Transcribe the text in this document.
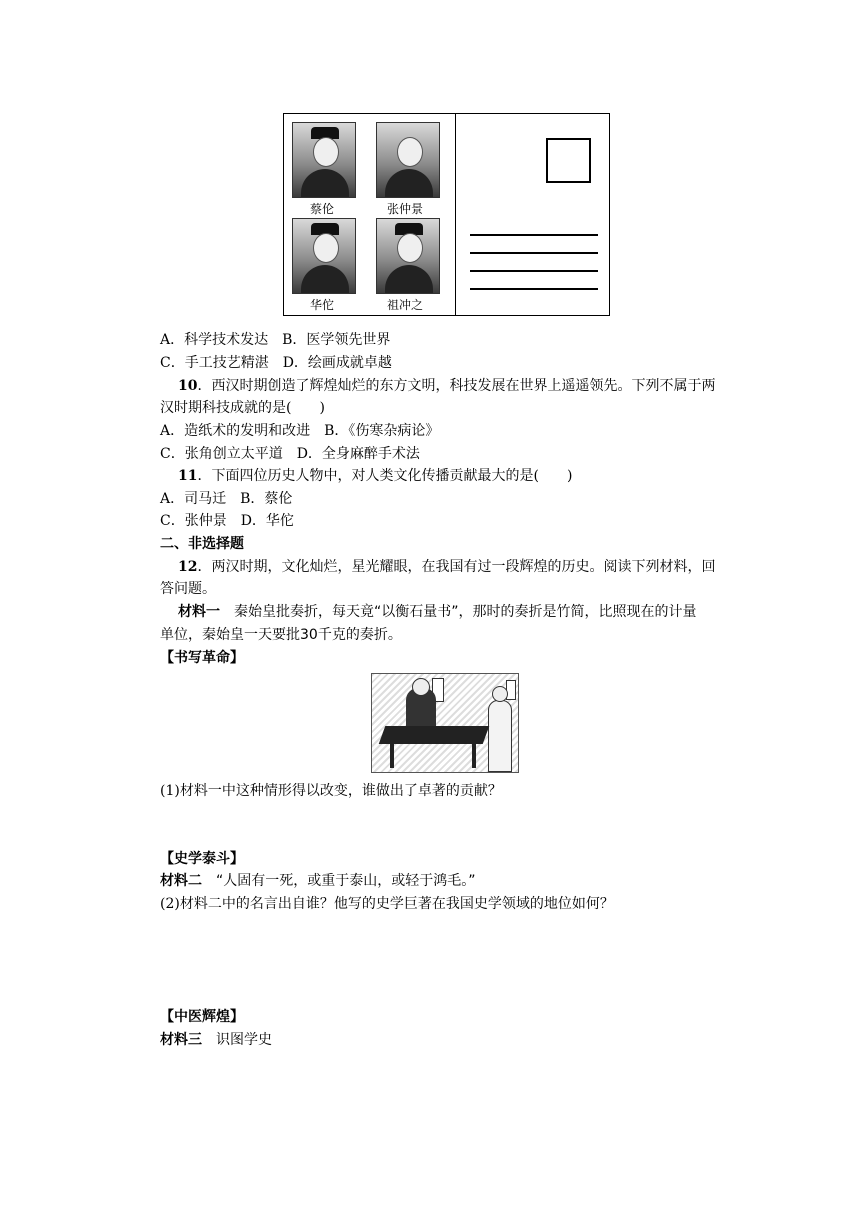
蔡伦	张仲景
华佗	祖冲之
A．科学技术发达　B．医学领先世界
C．手工技艺精湛　D．绘画成就卓越
10．西汉时期创造了辉煌灿烂的东方文明，科技发展在世界上遥遥领先。下列不属于两
汉时期科技成就的是(　　)
A．造纸术的发明和改进　B．《伤寒杂病论》
C．张角创立太平道　D．全身麻醉手术法
11．下面四位历史人物中，对人类文化传播贡献最大的是(　　)
A．司马迁　B．蔡伦
C．张仲景　D．华佗
二、非选择题
12．两汉时期，文化灿烂，星光耀眼，在我国有过一段辉煌的历史。阅读下列材料，回
答问题。
材料一　秦始皇批奏折，每天竟“以衡石量书”，那时的奏折是竹简，比照现在的计量
单位，秦始皇一天要批30千克的奏折。
【书写革命】
(1)材料一中这种情形得以改变，谁做出了卓著的贡献？
【史学泰斗】
材料二　“人固有一死，或重于泰山，或轻于鸿毛。”
(2)材料二中的名言出自谁？他写的史学巨著在我国史学领域的地位如何？
【中医辉煌】
材料三　识图学史
